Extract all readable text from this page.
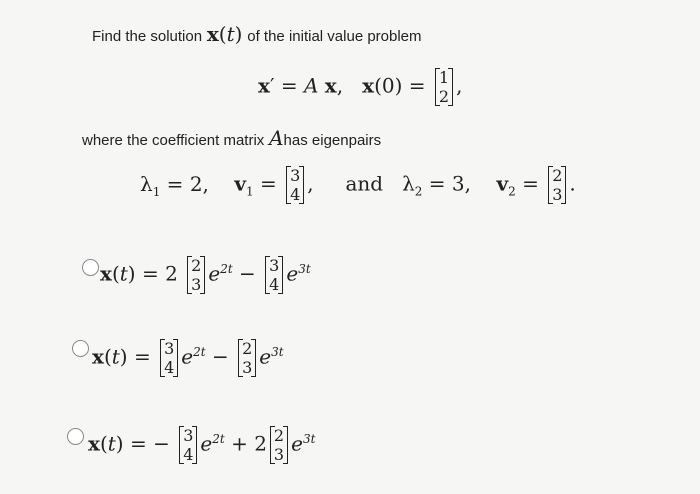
Find the solution x(t) of the initial value problem
x′ = A x,   x(0) = 1
2 ,
where the coefficient matrix Ahas eigenpairs
$\lambda_1 = 2$, $v_1 = 3$
4 ,     and   $\lambda_2 = 3$,    $v_2 = 2$
3 .
x(t) = 2 2
3 $e^{2t} - 3$
4 $e^{3t}$
x(t) = 3
4 $e^{2t} - 2$
3 $e^{3t}$
x(t) = − 3
4 $e^{2t} + 2$ 2
3 $e^{3t}$
